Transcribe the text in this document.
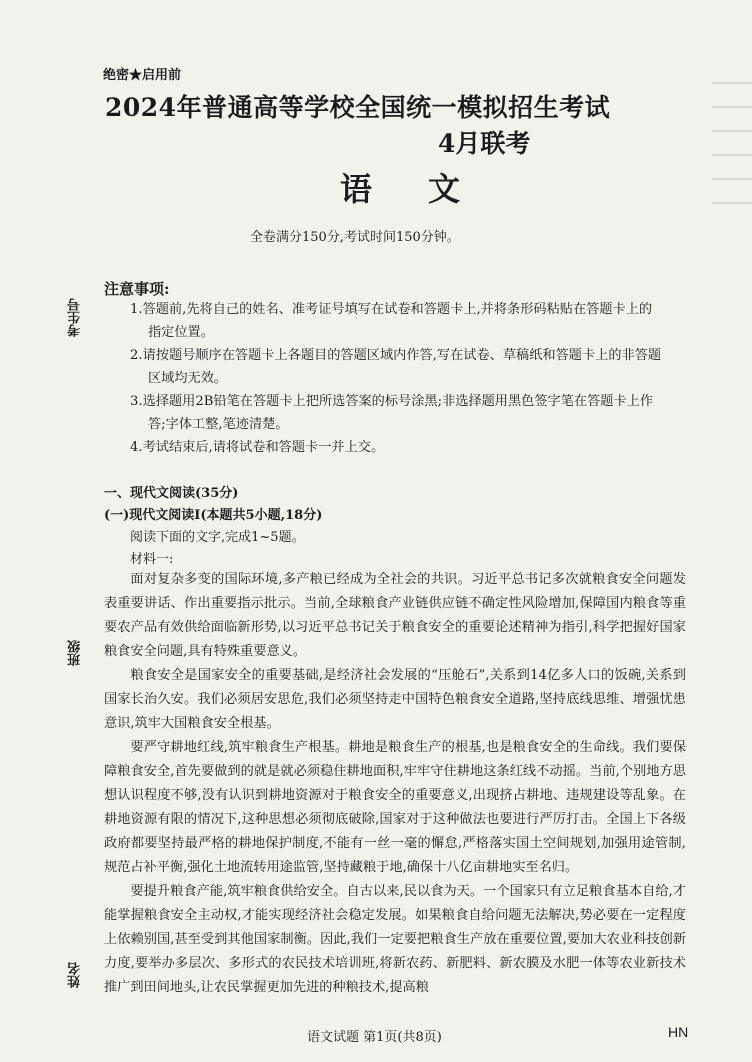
绝密★启用前
2024年普通高等学校全国统一模拟招生考试
4月联考
语文
全卷满分150分,考试时间150分钟。
考生号
班级
姓名
注意事项:
1.答题前,先将自己的姓名、准考证号填写在试卷和答题卡上,并将条形码粘贴在答题卡上的指定位置。
2.请按题号顺序在答题卡上各题目的答题区域内作答,写在试卷、草稿纸和答题卡上的非答题区域均无效。
3.选择题用2B铅笔在答题卡上把所选答案的标号涂黑;非选择题用黑色签字笔在答题卡上作答;字体工整,笔迹清楚。
4.考试结束后,请将试卷和答题卡一并上交。
一、现代文阅读(35分)
(一)现代文阅读Ⅰ(本题共5小题,18分)
阅读下面的文字,完成1~5题。
材料一:

面对复杂多变的国际环境,多产粮已经成为全社会的共识。习近平总书记多次就粮食安全问题发表重要讲话、作出重要指示批示。当前,全球粮食产业链供应链不确定性风险增加,保障国内粮食等重要农产品有效供给面临新形势,以习近平总书记关于粮食安全的重要论述精神为指引,科学把握好国家粮食安全问题,具有特殊重要意义。

粮食安全是国家安全的重要基础,是经济社会发展的“压舱石”,关系到14亿多人口的饭碗,关系到国家长治久安。我们必须居安思危,我们必须坚持走中国特色粮食安全道路,坚持底线思维、增强忧患意识,筑牢大国粮食安全根基。

要严守耕地红线,筑牢粮食生产根基。耕地是粮食生产的根基,也是粮食安全的生命线。我们要保障粮食安全,首先要做到的就是就必须稳住耕地面积,牢牢守住耕地这条红线不动摇。当前,个别地方思想认识程度不够,没有认识到耕地资源对于粮食安全的重要意义,出现挤占耕地、违规建设等乱象。在耕地资源有限的情况下,这种思想必须彻底破除,国家对于这种做法也要进行严厉打击。全国上下各级政府都要坚持最严格的耕地保护制度,不能有一丝一毫的懈怠,严格落实国土空间规划,加强用途管制,规范占补平衡,强化土地流转用途监管,坚持藏粮于地,确保十八亿亩耕地实至名归。

要提升粮食产能,筑牢粮食供给安全。自古以来,民以食为天。一个国家只有立足粮食基本自给,才能掌握粮食安全主动权,才能实现经济社会稳定发展。如果粮食自给问题无法解决,势必要在一定程度上依赖别国,甚至受到其他国家制衡。因此,我们一定要把粮食生产放在重要位置,要加大农业科技创新力度,要举办多层次、多形式的农民技术培训班,将新农药、新肥料、新农膜及水肥一体等农业新技术推广到田间地头,让农民掌握更加先进的种粮技术,提高粮

语文试题 第1页(共8页)	HN
